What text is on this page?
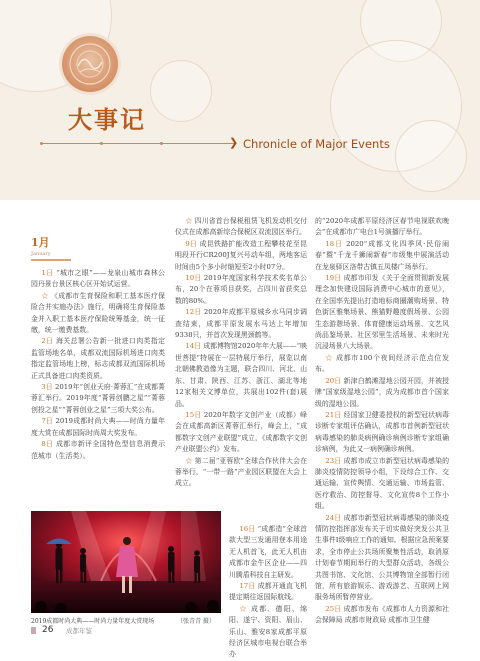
大事记
❯ Chronicle of Major Events
1月
January

1日 “城市之眼”——龙泉山城市森林公园丹景台景区核心区开始试运营。

☆ 《成都市生育保险和职工基本医疗保险合并实施办法》施行，明确将生育保险基金并入职工基本医疗保险统筹基金，统一征缴，统一缴费基数。

2日 海关总署公告新一批进口肉类指定监管场地名单，成都双流国际机场进口肉类指定监管场地上榜，标志成都双流国际机场正式具备进口肉类资质。

3日 2019年“创业天府·菁蓉汇”在成都菁蓉汇举行。2019年度“菁蓉创鹏之星”“菁蓉创投之星”“菁蓉创业之星”三项大奖公布。

7日 2019成都时尚大典——时尚力量年度大赏在成都国际时尚周大奖发布。

8日 成都市新评全国特色型信息消费示范城市（生活类）。

☆ 四川省首台保税租赁飞机发动机交付仪式在成都高新综合保税区双流园区举行。

9日 成昆铁路扩能改造工程攀枝花至昆明段开行CR200J复兴号动车组，两地客运时间由5个多小时缩短至2小时07分。

10日 2019年度国家科学技术奖名单公布，20个在蓉项目获奖，占四川省获奖总数的80%。

12日 2020年成都平原城乡水马同步调查结束，成都平原发展水马达上年增加9338只，并首次发现黑颈鹤等。

14日 成都博物馆2020年年大展——“映世菩提”特展在一层特展厅举行，展览以南北朝佛教造像为主题，联合四川、河北、山东、甘肃、陕西、江苏、浙江、湖北等地12家相关文博单位，共展出102件(套)展品。

15日 2020年数字文创产业（成都）峰会在成都高新区菁蓉汇举行，峰会上，“成都数字文创产业联盟”成立，《成都数字文创产业联盟公约》发布。

☆ 第二届“亚蓉欧”全球合作伙伴大会在蓉举行，“一带一路”产业园区联盟在大会上成立。

16日 “成都造”全球首款大型三发通用登本用途无人机首飞，此无人机由成都市金牛区企业——四川腾盾科技自主研发。

17日 成都开通直飞机提定期往返国际航线。

☆ 成都、德阳、绵阳、遂宁、资阳、眉山、乐山、雅安8家成都平原经济区城市电视台联合举办

的“2020年成都平原经济区春节电视联欢晚会”在成都市广电台1号演播厅举行。

18日 2020“成都文化四季风·民俗闹春”暨“千龙千狮闹新春”市级集中展演活动在龙泉驿区洛带古镇五凤楼广场举行。

19日 成都市印发《关于全面贯彻新发展理念加快建设国际消费中心城市的意见》，在全国率先提出打造地标商圈潮购场景、特色街区雅集场景、熊猫野趣度假场景、公园生态游憩场景、体育健康运动场景、文艺风尚品鉴场景、社区邻里生活场景、未来时光沉浸场景八大场景。

☆ 成都市100个夜间经济示范点位发布。

20日 新津白鹤滩湿地公园开园，并被授牌“国家级湿地公园”，成为成都市首个国家级的湿地公园。

21日 经国家卫健委授权的新型冠状病毒诊断专家组评估确认，成都市首例新型冠状病毒感染的肺炎病例确诊病例诊断专家组确诊病例，为此又一病例确诊病例。

23日 成都市成立市新型冠状病毒感染的肺炎疫情防控领导小组，下设综合工作、交通运输、宣传舆情、交通运输、市场监管、医疗救治、防控督导、文化宣传8个工作小组。

24日 成都市新型冠状病毒感染的肺炎疫情防控指挥部发布关于切实做好突发公共卫生事件Ⅰ级响应工作的通知。根据应急预案要求，全市停止公共场所聚集性活动，取消原计划春节期间举行的大型群众活动，各级公共图书馆、文化馆、公共博物馆全部暂行闭馆，所有旅游娱乐、游戏游艺、互联网上网服务场所暂停营业。

25日 成都市发布《成都市人力资源和社会保障局 成都市财政局 成都市卫生健

2019成都时尚大典——时尚力量年度大赏现场	（张青青 摄）
26 成都年鉴
